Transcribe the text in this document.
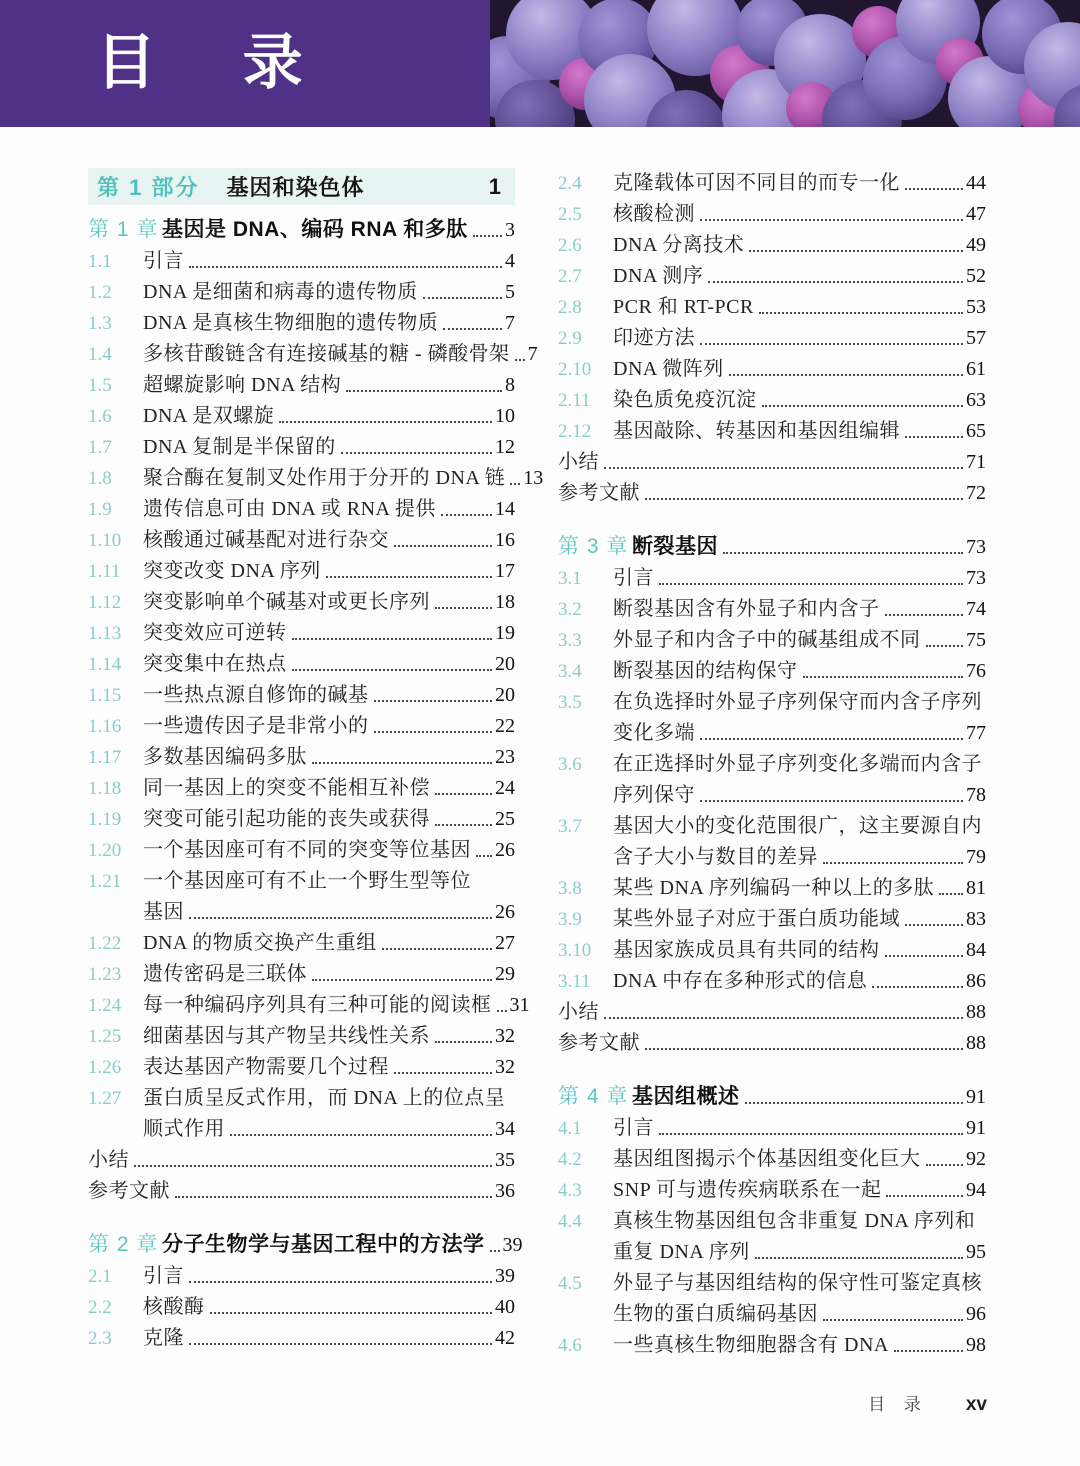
目 录
第 1 部分 基因和染色体	1
第 1 章 基因是 DNA、编码 RNA 和多肽 3
1.1	引言	4
1.2	DNA 是细菌和病毒的遗传物质	5
1.3	DNA 是真核生物细胞的遗传物质	7
1.4	多核苷酸链含有连接碱基的糖 - 磷酸骨架 7
1.5	超螺旋影响 DNA 结构	8
1.6	DNA 是双螺旋	10
1.7	DNA 复制是半保留的	12
1.8	聚合酶在复制叉处作用于分开的 DNA 链 13
1.9	遗传信息可由 DNA 或 RNA 提供	14
1.10	核酸通过碱基配对进行杂交	16
1.11	突变改变 DNA 序列	17
1.12	突变影响单个碱基对或更长序列	18
1.13	突变效应可逆转	19
1.14	突变集中在热点	20
1.15	一些热点源自修饰的碱基	20
1.16	一些遗传因子是非常小的	22
1.17	多数基因编码多肽	23
1.18	同一基因上的突变不能相互补偿	24
1.19	突变可能引起功能的丧失或获得	25
1.20	一个基因座可有不同的突变等位基因 26
1.21	一个基因座可有不止一个野生型等位
基因	26
1.22	DNA 的物质交换产生重组	27
1.23	遗传密码是三联体	29
1.24	每一种编码序列具有三种可能的阅读框 31
1.25	细菌基因与其产物呈共线性关系	32
1.26	表达基因产物需要几个过程	32
1.27	蛋白质呈反式作用，而 DNA 上的位点呈
顺式作用	34
小结	35
参考文献	36
第 2 章 分子生物学与基因工程中的方法学 39
2.1	引言	39
2.2	核酸酶	40
2.3	克隆	42
2.4	克隆载体可因不同目的而专一化	44
2.5	核酸检测	47
2.6	DNA 分离技术	49
2.7	DNA 测序	52
2.8	PCR 和 RT-PCR	53
2.9	印迹方法	57
2.10	DNA 微阵列	61
2.11	染色质免疫沉淀	63
2.12	基因敲除、转基因和基因组编辑	65
小结	71
参考文献	72
第 3 章 断裂基因	73
3.1	引言	73
3.2	断裂基因含有外显子和内含子	74
3.3	外显子和内含子中的碱基组成不同 75
3.4	断裂基因的结构保守	76
3.5	在负选择时外显子序列保守而内含子序列
变化多端	77
3.6	在正选择时外显子序列变化多端而内含子
序列保守	78
3.7	基因大小的变化范围很广，这主要源自内
含子大小与数目的差异	79
3.8	某些 DNA 序列编码一种以上的多肽 81
3.9	某些外显子对应于蛋白质功能域	83
3.10	基因家族成员具有共同的结构	84
3.11	DNA 中存在多种形式的信息	86
小结	88
参考文献	88
第 4 章 基因组概述	91
4.1	引言	91
4.2	基因组图揭示个体基因组变化巨大 92
4.3	SNP 可与遗传疾病联系在一起	94
4.4	真核生物基因组包含非重复 DNA 序列和
重复 DNA 序列	95
4.5	外显子与基因组结构的保守性可鉴定真核
生物的蛋白质编码基因	96
4.6	一些真核生物细胞器含有 DNA	98
目 录 xv
